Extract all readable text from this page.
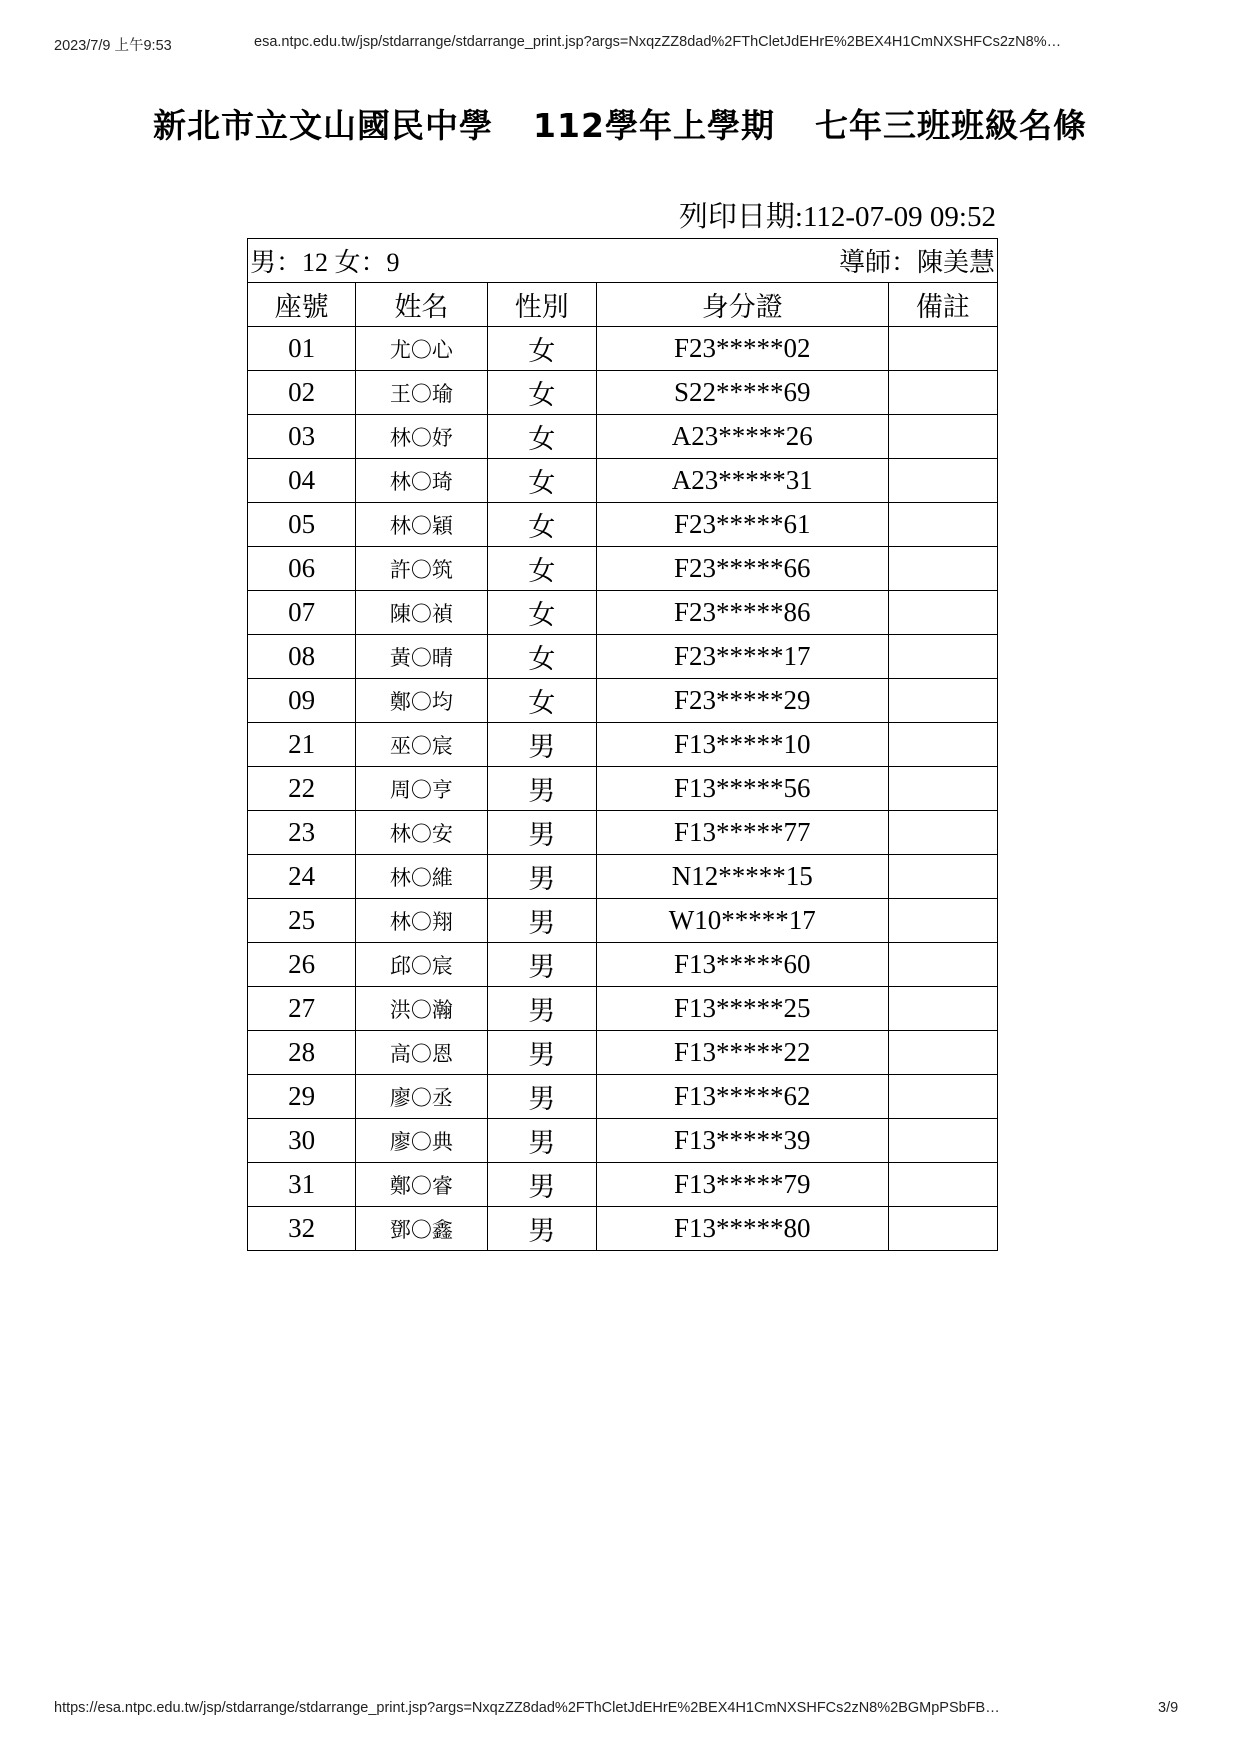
2023/7/9 上午9:53	esa.ntpc.edu.tw/jsp/stdarrange/stdarrange_print.jsp?args=NxqzZZ8dad%2FThCletJdEHrE%2BEX4H1CmNXSHFCs2zN8%…
新北市立文山國民中學 112學年上學期 七年三班班級名條
列印日期:112-07-09 09:52
男：12 女：9 導師：陳美慧				

座號	姓名	性別	身分證	備註
01	尤〇心	女	F23*****02	
02	王〇瑜	女	S22*****69	
03	林〇妤	女	A23*****26	
04	林〇琦	女	A23*****31	
05	林〇穎	女	F23*****61	
06	許〇筑	女	F23*****66	
07	陳〇禎	女	F23*****86	
08	黃〇晴	女	F23*****17	
09	鄭〇均	女	F23*****29	
21	巫〇宸	男	F13*****10	
22	周〇亨	男	F13*****56	
23	林〇安	男	F13*****77	
24	林〇維	男	N12*****15	
25	林〇翔	男	W10*****17	
26	邱〇宸	男	F13*****60	
27	洪〇瀚	男	F13*****25	
28	高〇恩	男	F13*****22	
29	廖〇丞	男	F13*****62	
30	廖〇典	男	F13*****39	
31	鄭〇睿	男	F13*****79	
32	鄧〇鑫	男	F13*****80	
https://esa.ntpc.edu.tw/jsp/stdarrange/stdarrange_print.jsp?args=NxqzZZ8dad%2FThCletJdEHrE%2BEX4H1CmNXSHFCs2zN8%2BGMpPSbFB…	3/9
